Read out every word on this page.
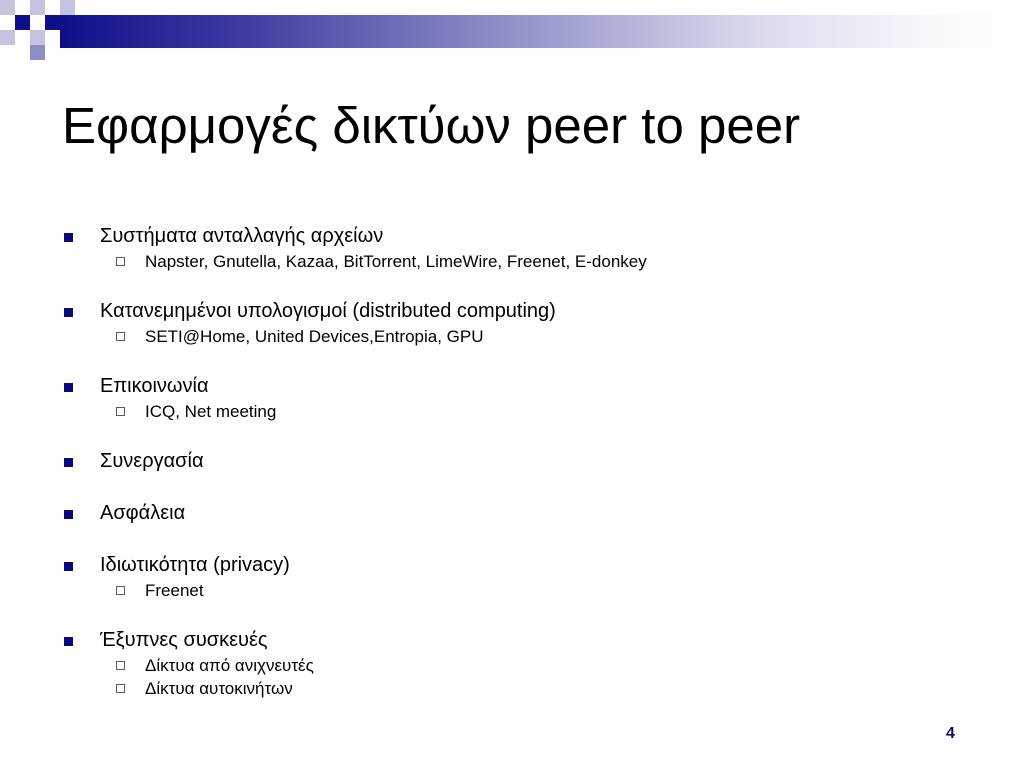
Εφαρμογές δικτύων peer to peer
Συστήματα ανταλλαγής αρχείων
Napster, Gnutella, Kazaa, BitTorrent, LimeWire, Freenet, E-donkey
Κατανεμημένοι υπολογισμοί (distributed computing)
SETI@Home, United Devices,Entropia, GPU
Επικοινωνία
ICQ, Net meeting
Συνεργασία
Ασφάλεια
Ιδιωτικότητα (privacy)
Freenet
Έξυπνες συσκευές
Δίκτυα από ανιχνευτές
Δίκτυα αυτοκινήτων
4
